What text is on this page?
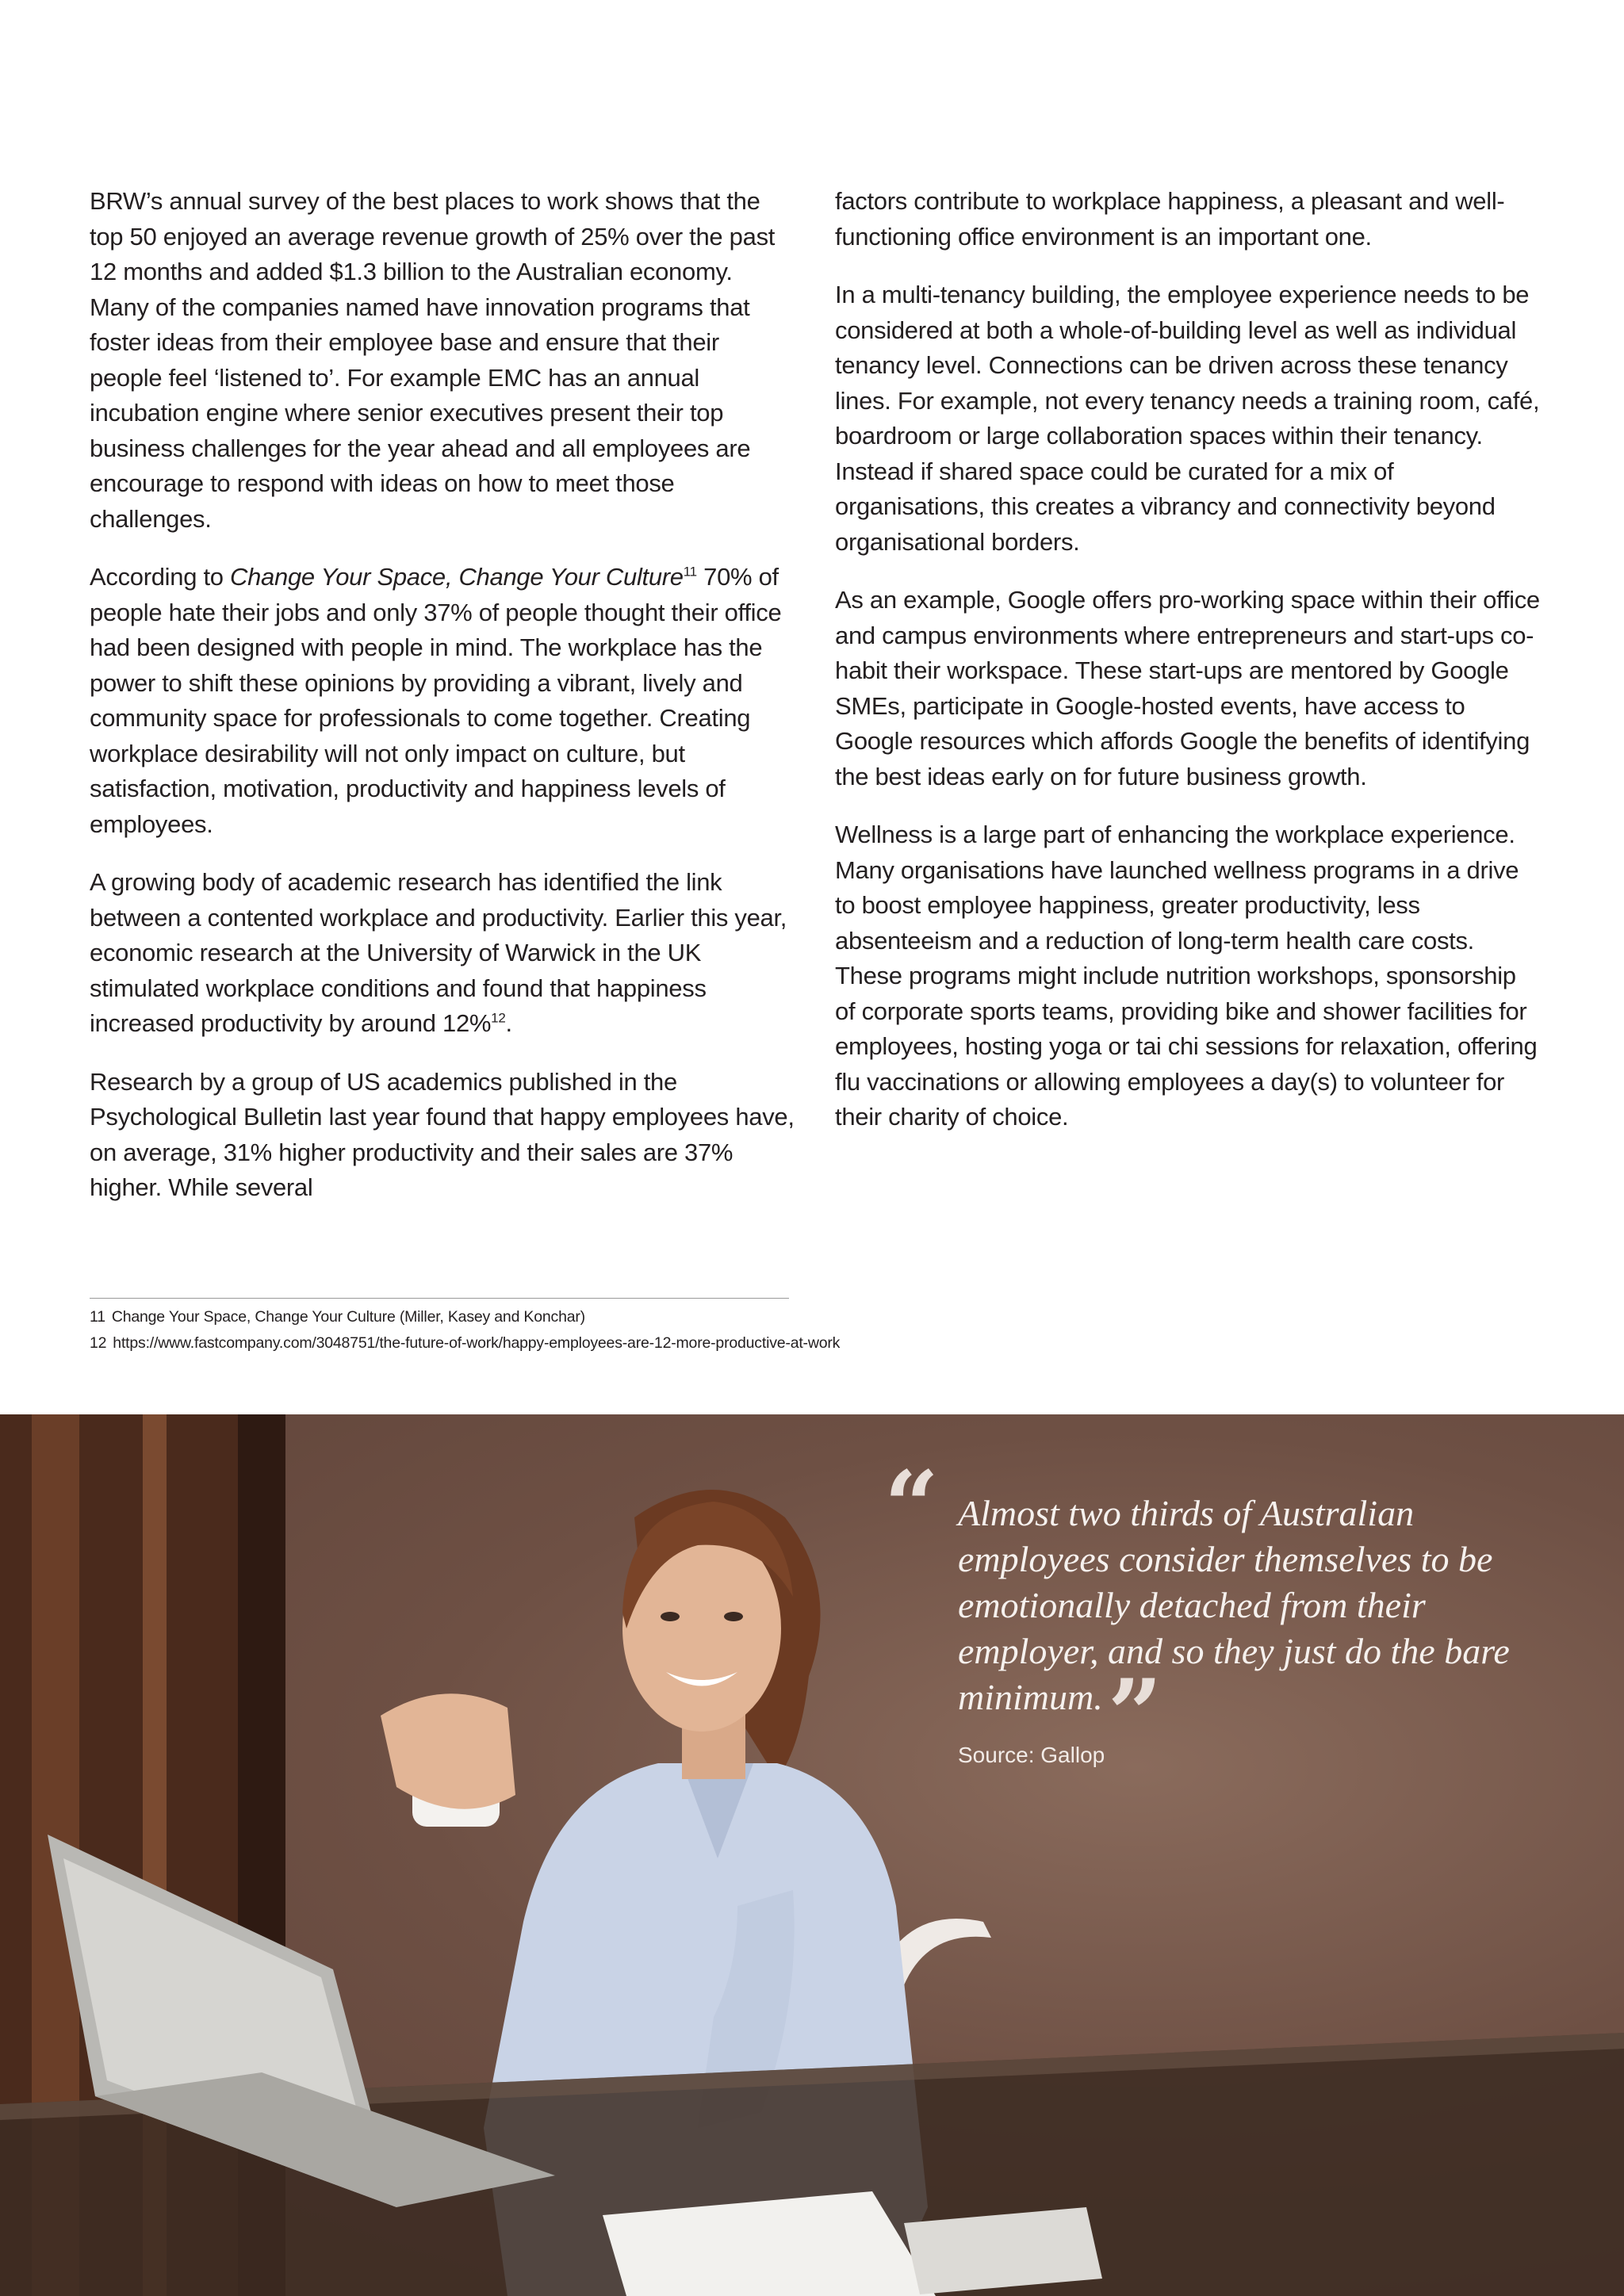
BRW’s annual survey of the best places to work shows that the top 50 enjoyed an average revenue growth of 25% over the past 12 months and added $1.3 billion to the Australian economy. Many of the companies named have innovation programs that foster ideas from their employee base and ensure that their people feel ‘listened to’. For example EMC has an annual incubation engine where senior executives present their top business challenges for the year ahead and all employees are encourage to respond with ideas on how to meet those challenges.

According to Change Your Space, Change Your Culture$^{11}$ 70% of people hate their jobs and only 37% of people thought their office had been designed with people in mind. The workplace has the power to shift these opinions by providing a vibrant, lively and community space for professionals to come together. Creating workplace desirability will not only impact on culture, but satisfaction, motivation, productivity and happiness levels of employees.

A growing body of academic research has identified the link between a contented workplace and productivity. Earlier this year, economic research at the University of Warwick in the UK stimulated workplace conditions and found that happiness increased productivity by around 12%$^{12}$.

Research by a group of US academics published in the Psychological Bulletin last year found that happy employees have, on average, 31% higher productivity and their sales are 37% higher. While several

factors contribute to workplace happiness, a pleasant and well-functioning office environment is an important one.

In a multi-tenancy building, the employee experience needs to be considered at both a whole-of-building level as well as individual tenancy level. Connections can be driven across these tenancy lines. For example, not every tenancy needs a training room, café, boardroom or large collaboration spaces within their tenancy. Instead if shared space could be curated for a mix of organisations, this creates a vibrancy and connectivity beyond organisational borders.

As an example, Google offers pro-working space within their office and campus environments where entrepreneurs and start-ups co-habit their workspace. These start-ups are mentored by Google SMEs, participate in Google-hosted events, have access to Google resources which affords Google the benefits of identifying the best ideas early on for future business growth.

Wellness is a large part of enhancing the workplace experience. Many organisations have launched wellness programs in a drive to boost employee happiness, greater productivity, less absenteeism and a reduction of long-term health care costs. These programs might include nutrition workshops, sponsorship of corporate sports teams, providing bike and shower facilities for employees, hosting yoga or tai chi sessions for relaxation, offering flu vaccinations or allowing employees a day(s) to volunteer for their charity of choice.

11 Change Your Space, Change Your Culture (Miller, Kasey and Konchar)
12 https://www.fastcompany.com/3048751/the-future-of-work/happy-employees-are-12-more-productive-at-work
“ Almost two thirds of Australian employees consider themselves to be emotionally detached from their employer, and so they just do the bare minimum.”
Source: Gallop
